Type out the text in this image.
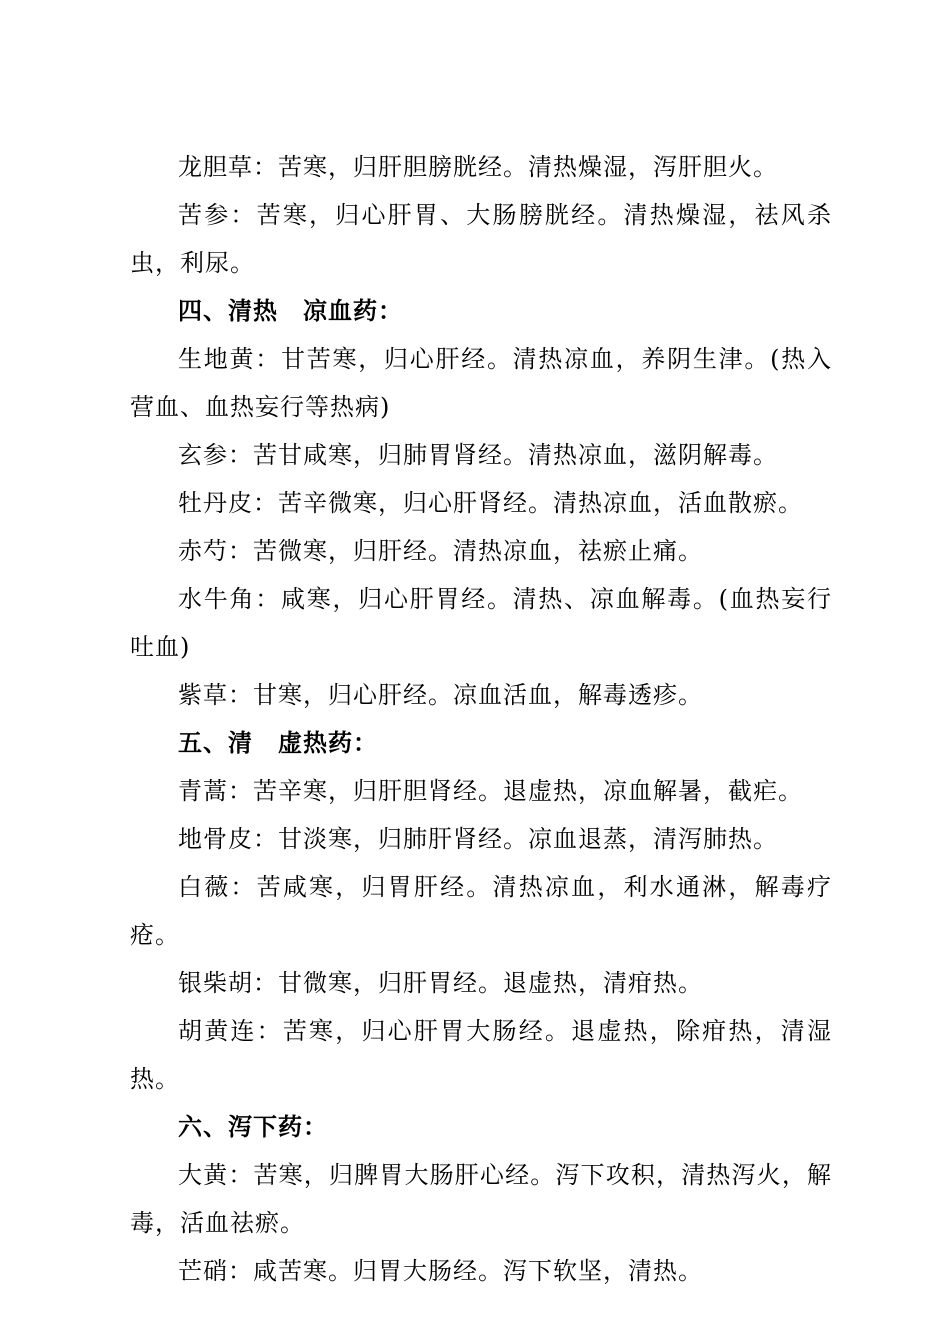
龙胆草：苦寒，归肝胆膀胱经。清热燥湿，泻肝胆火。

苦参：苦寒，归心肝胃、大肠膀胱经。清热燥湿，祛风杀虫，利尿。

四、清热　凉血药：

生地黄：甘苦寒，归心肝经。清热凉血，养阴生津。(热入营血、血热妄行等热病)

玄参：苦甘咸寒，归肺胃肾经。清热凉血，滋阴解毒。

牡丹皮：苦辛微寒，归心肝肾经。清热凉血，活血散瘀。

赤芍：苦微寒，归肝经。清热凉血，祛瘀止痛。

水牛角：咸寒，归心肝胃经。清热、凉血解毒。(血热妄行吐血)

紫草：甘寒，归心肝经。凉血活血，解毒透疹。

五、清　虚热药：

青蒿：苦辛寒，归肝胆肾经。退虚热，凉血解暑，截疟。

地骨皮：甘淡寒，归肺肝肾经。凉血退蒸，清泻肺热。

白薇：苦咸寒，归胃肝经。清热凉血，利水通淋，解毒疗疮。

银柴胡：甘微寒，归肝胃经。退虚热，清疳热。

胡黄连：苦寒，归心肝胃大肠经。退虚热，除疳热，清湿热。

六、泻下药：

大黄：苦寒，归脾胃大肠肝心经。泻下攻积，清热泻火，解毒，活血祛瘀。

芒硝：咸苦寒。归胃大肠经。泻下软坚，清热。
